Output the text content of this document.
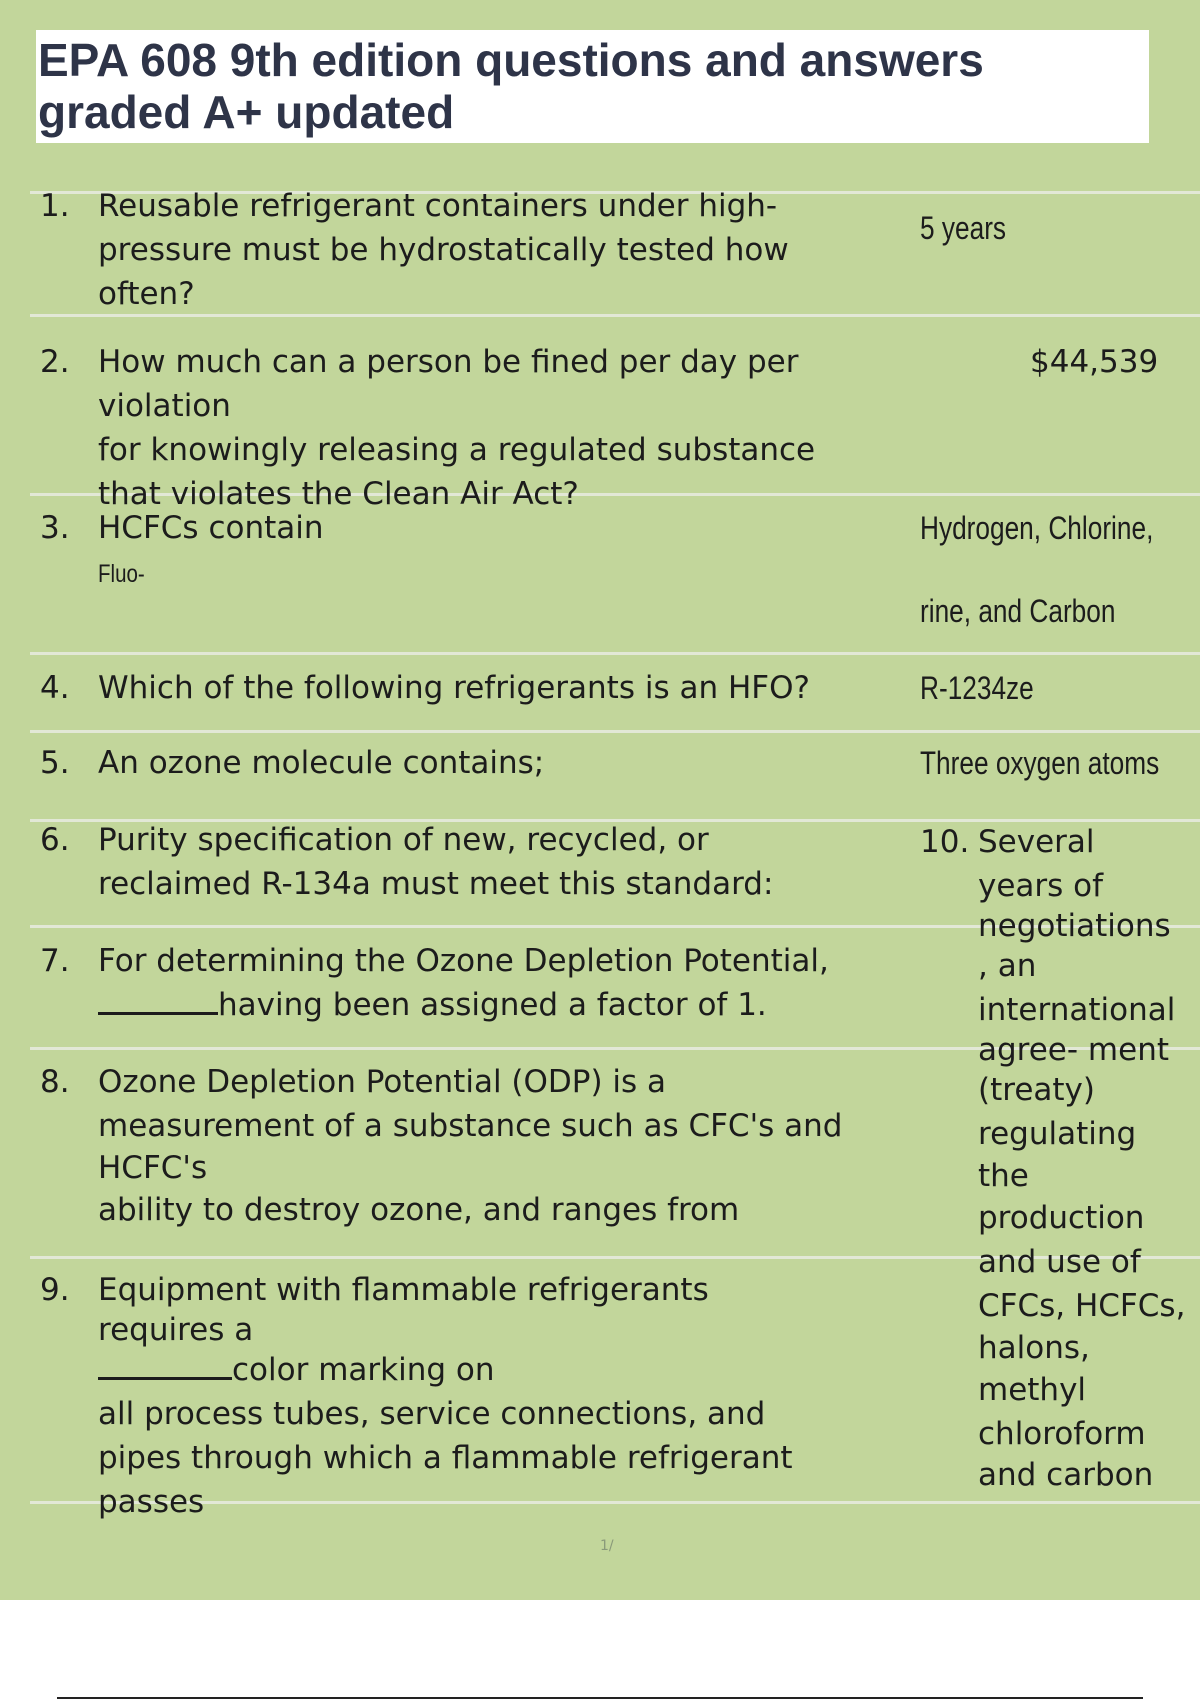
EPA 608 9th edition questions and answers graded A+ updated
1. Reusable refrigerant containers under high-

pressure must be hydrostatically tested how

often?

5 years
2. How much can a person be fined per day per violation

for knowingly releasing a regulated substance

that violates the Clean Air Act?

$44,539
3. HCFCs contain

Fluo-
Hydrogen, Chlorine,
rine, and Carbon
4. Which of the following refrigerants is an HFO?	R-1234ze
5. An ozone molecule contains;	Three oxygen atoms
6. Purity specification of new, recycled, or

reclaimed R-134a must meet this standard:

7. For determining the Ozone Depletion Potential,

having been assigned a factor of 1.

8. Ozone Depletion Potential (ODP) is a

measurement of a substance such as CFC's and

HCFC's

ability to destroy ozone, and ranges from

9. Equipment with flammable refrigerants

requires a

color marking on

all process tubes, service connections, and

pipes through which a flammable refrigerant

passes

10. Several
years of
negotiations
, an
international
agree- ment
(treaty)
regulating
the
production
and use of
CFCs, HCFCs,
halons,
methyl
chloroform
and carbon
1/
